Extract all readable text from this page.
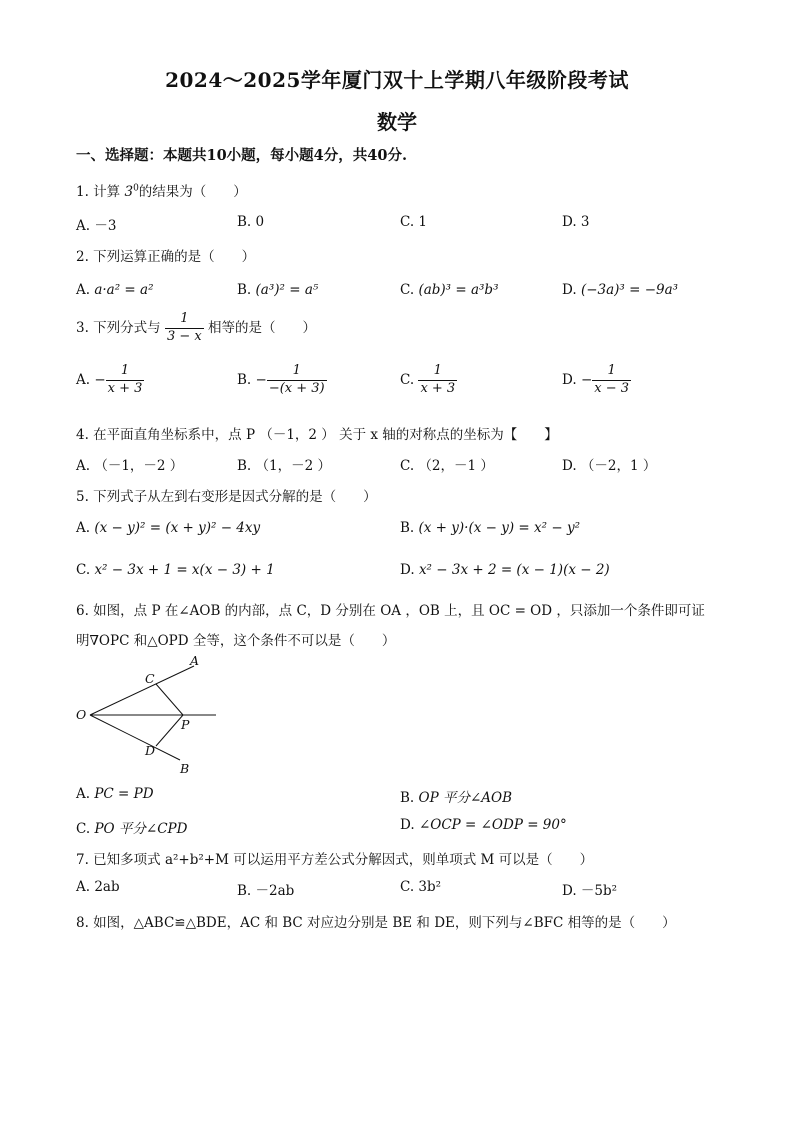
2024～2025学年厦门双十上学期八年级阶段考试
数学
一、选择题：本题共10小题，每小题4分，共40分.
1. 计算 $3^0$的结果为（　　）
A. －3	B. 0	C. 1	D. 3
2. 下列运算正确的是（　　）
A. a·a² = a²	B. (a³)² = a⁵	C. (ab)³ = a³b³	D. (−3a)³ = −9a³
3. 下列分式与 $\frac{1}{3 - x}$ 相等的是（　　）
A. − $\frac{1}{x + 3}$	B. − $\frac{1}{-(x + 3)}$	C. $\frac{1}{x + 3}$	D. − $\frac{1}{x - 3}$
4. 在平面直角坐标系中，点 P （－1，2 ） 关于 x 轴的对称点的坐标为【　　】
A. （－1，－2 ）	B. （1，－2 ）	C. （2，－1 ）	D. （－2，1 ）
5. 下列式子从左到右变形是因式分解的是（　　）
A. (x − y)² = (x + y)² − 4xy	B. (x + y)·(x − y) = x² − y²
C. x² − 3x + 1 = x(x − 3) + 1	D. x² − 3x + 2 = (x − 1)(x − 2)
6. 如图，点 P 在∠AOB 的内部，点 C，D 分别在 OA ，OB 上，且 OC = OD ，只添加一个条件即可证
明∇OPC 和△OPD 全等，这个条件不可以是（　　）
A
C
O
P
D
B
A. PC = PD	B. OP 平分∠AOB
C. PO 平分∠CPD	D. ∠OCP = ∠ODP = 90°
7. 已知多项式 a²+b²+M 可以运用平方差公式分解因式，则单项式 M 可以是（　　）
A. 2ab	B. －2ab	C. 3b²	D. －5b²
8. 如图，△ABC≌△BDE，AC 和 BC 对应边分别是 BE 和 DE，则下列与∠BFC 相等的是（　　）
